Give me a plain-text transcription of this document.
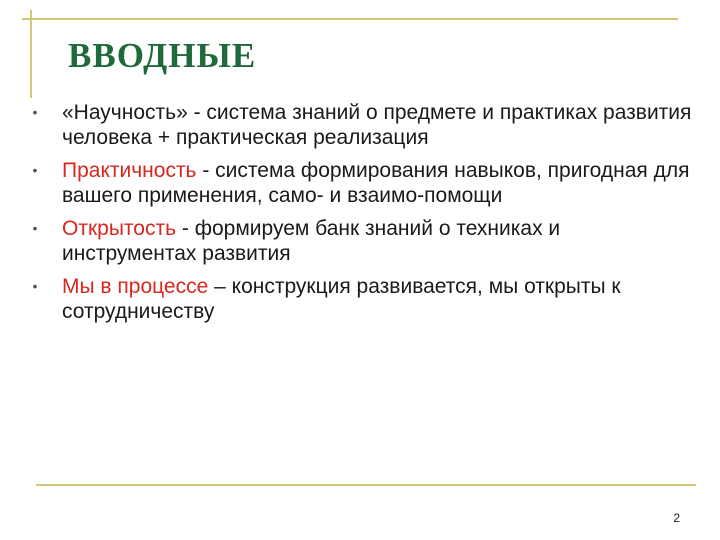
ВВОДНЫЕ
• «Научность» - система знаний о предмете и практиках развития человека + практическая реализация
• Практичность - система формирования навыков, пригодная для вашего применения, само- и взаимо-помощи
• Открытость - формируем банк знаний о техниках и инструментах развития
• Мы в процессе – конструкция развивается, мы открыты к сотрудничеству
2
